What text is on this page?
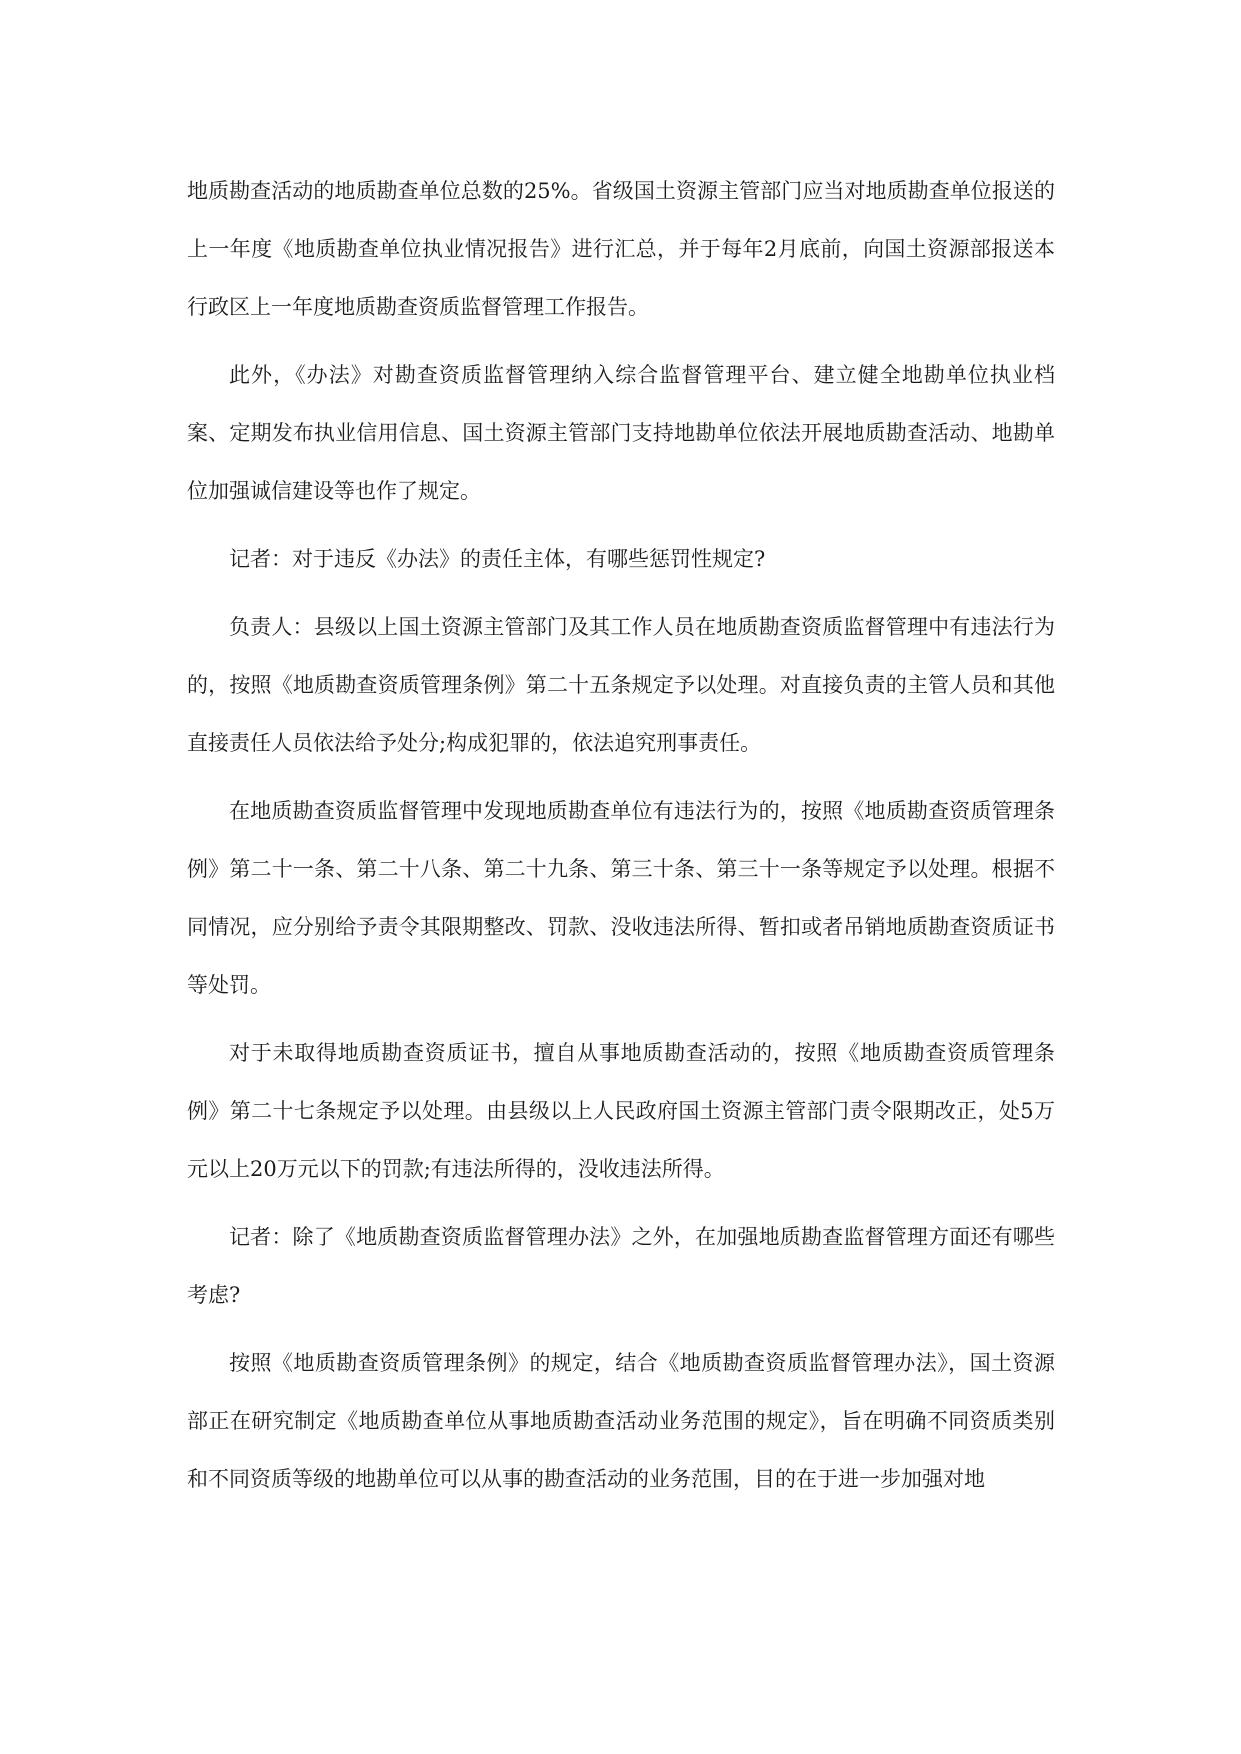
地质勘查活动的地质勘查单位总数的25%。省级国土资源主管部门应当对地质勘查单位报送的上一年度《地质勘查单位执业情况报告》进行汇总，并于每年2月底前，向国土资源部报送本行政区上一年度地质勘查资质监督管理工作报告。

此外，《办法》对勘查资质监督管理纳入综合监督管理平台、建立健全地勘单位执业档案、定期发布执业信用信息、国土资源主管部门支持地勘单位依法开展地质勘查活动、地勘单位加强诚信建设等也作了规定。

记者：对于违反《办法》的责任主体，有哪些惩罚性规定?

负责人：县级以上国土资源主管部门及其工作人员在地质勘查资质监督管理中有违法行为的，按照《地质勘查资质管理条例》第二十五条规定予以处理。对直接负责的主管人员和其他直接责任人员依法给予处分;构成犯罪的，依法追究刑事责任。

在地质勘查资质监督管理中发现地质勘查单位有违法行为的，按照《地质勘查资质管理条例》第二十一条、第二十八条、第二十九条、第三十条、第三十一条等规定予以处理。根据不同情况，应分别给予责令其限期整改、罚款、没收违法所得、暂扣或者吊销地质勘查资质证书等处罚。

对于未取得地质勘查资质证书，擅自从事地质勘查活动的，按照《地质勘查资质管理条例》第二十七条规定予以处理。由县级以上人民政府国土资源主管部门责令限期改正，处5万元以上20万元以下的罚款;有违法所得的，没收违法所得。

记者：除了《地质勘查资质监督管理办法》之外，在加强地质勘查监督管理方面还有哪些考虑?

按照《地质勘查资质管理条例》的规定，结合《地质勘查资质监督管理办法》，国土资源部正在研究制定《地质勘查单位从事地质勘查活动业务范围的规定》，旨在明确不同资质类别和不同资质等级的地勘单位可以从事的勘查活动的业务范围，目的在于进一步加强对地
